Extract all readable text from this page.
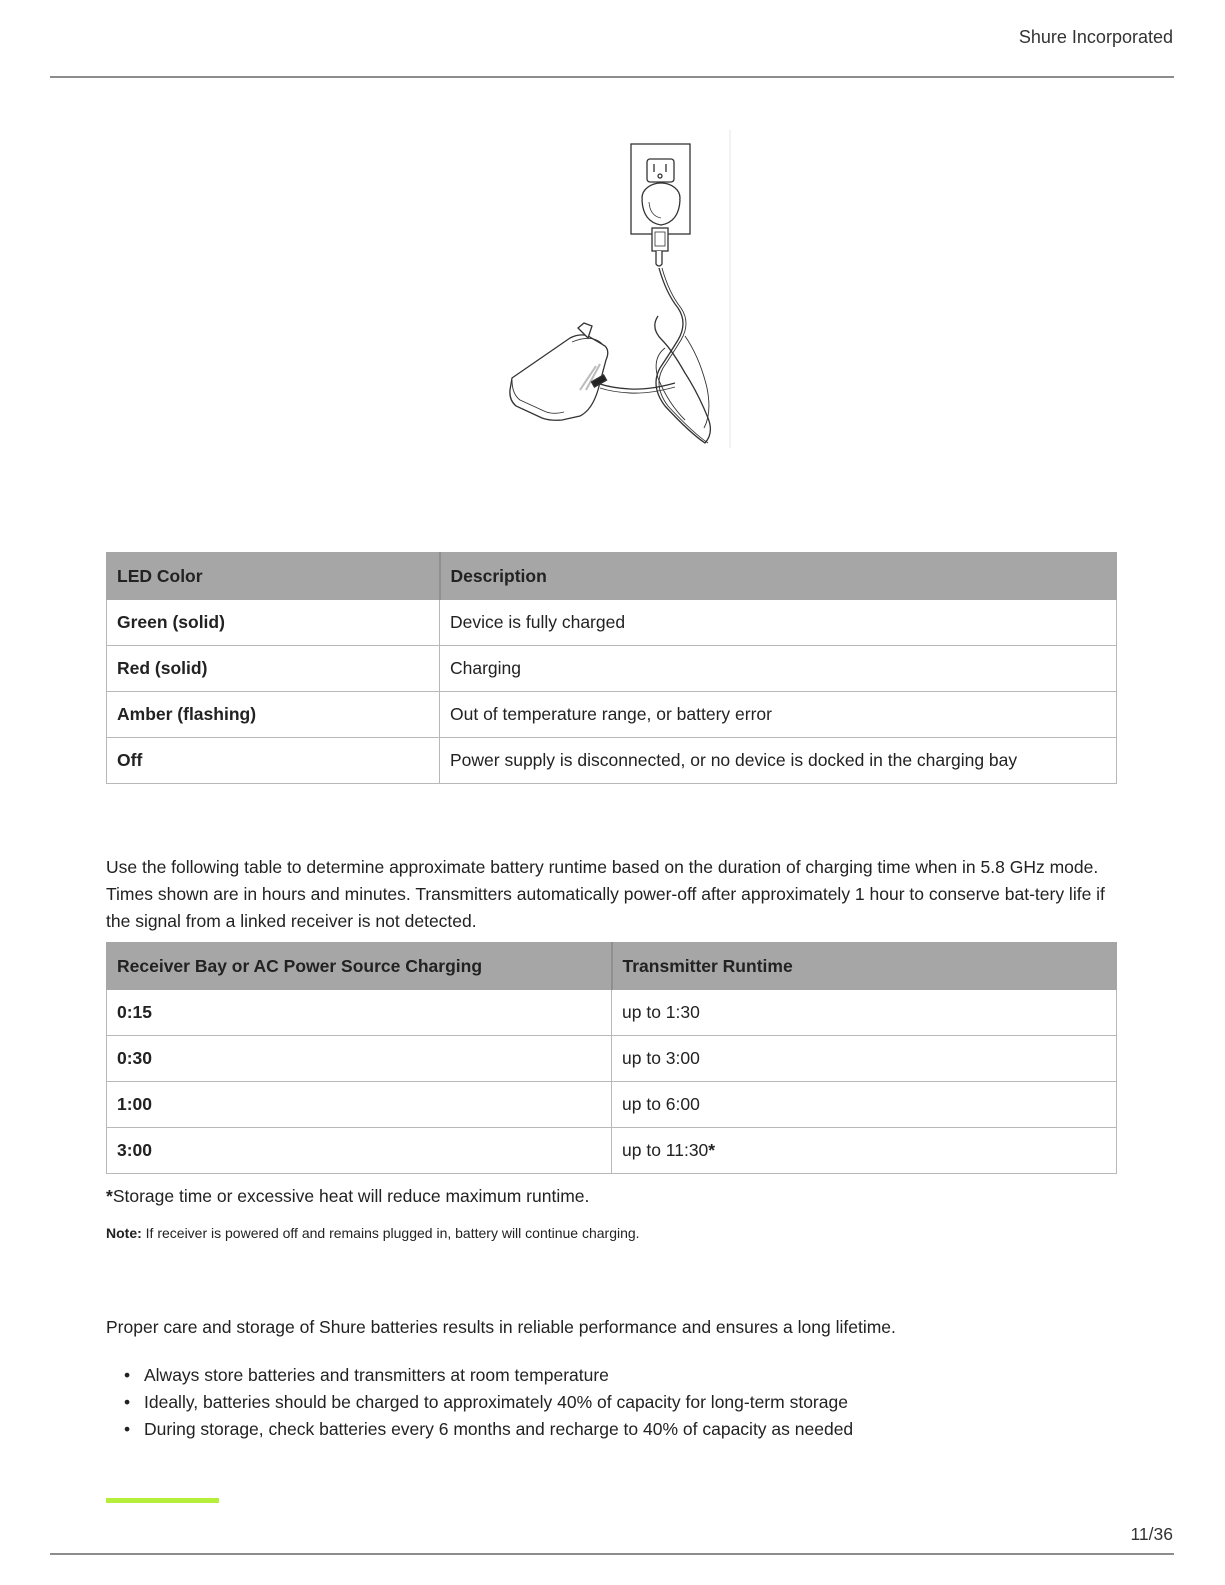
Shure Incorporated
LED Color	Description
Green (solid)	Device is fully charged
Red (solid)	Charging
Amber (flashing)	Out of temperature range, or battery error
Off	Power supply is disconnected, or no device is docked in the charging bay
Use the following table to determine approximate battery runtime based on the duration of charging time when in 5.8 GHz mode. Times shown are in hours and minutes. Transmitters automatically power-off after approximately 1 hour to conserve bat-tery life if the signal from a linked receiver is not detected.
Receiver Bay or AC Power Source Charging	Transmitter Runtime
0:15	up to 1:30
0:30	up to 3:00
1:00	up to 6:00
3:00	up to 11:30*
*Storage time or excessive heat will reduce maximum runtime.
Note: If receiver is powered off and remains plugged in, battery will continue charging.
Proper care and storage of Shure batteries results in reliable performance and ensures a long lifetime.
• Always store batteries and transmitters at room temperature
• Ideally, batteries should be charged to approximately 40% of capacity for long-term storage
• During storage, check batteries every 6 months and recharge to 40% of capacity as needed
11/36
